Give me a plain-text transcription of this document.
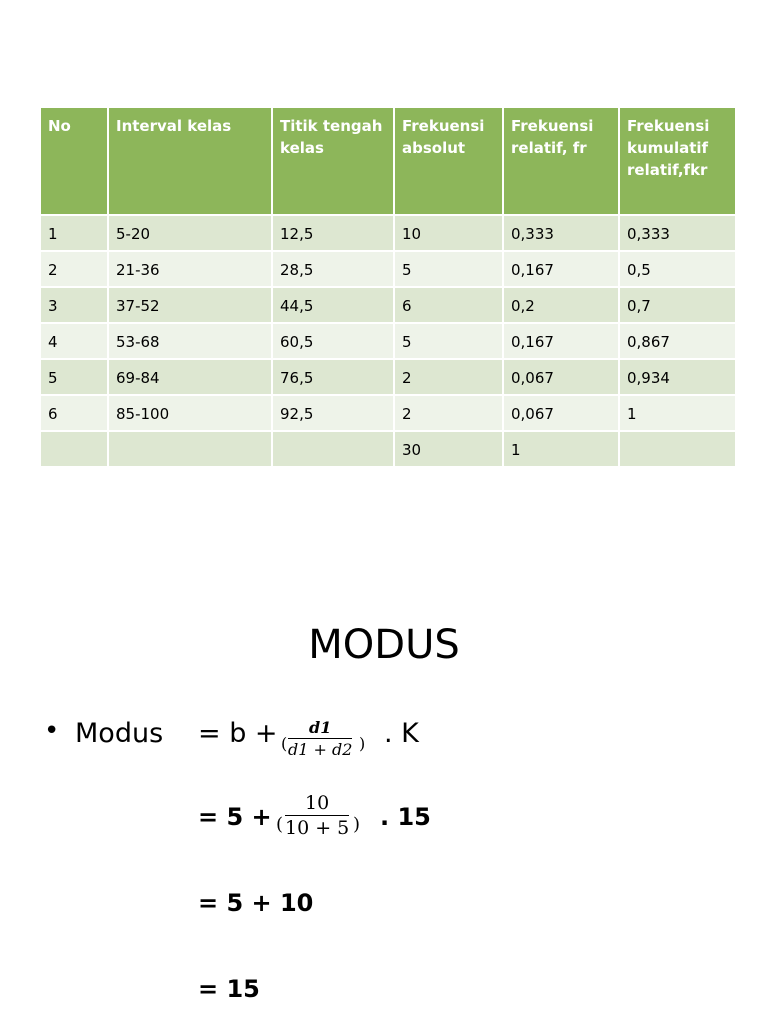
No	Interval kelas	Titik tengah kelas	Frekuensi absolut	Frekuensi relatif, fr	Frekuensi kumulatif relatif,fkr

1	5-20	12,5	10	0,333	0,333

2	21-36	28,5	5	0,167	0,5

3	37-52	44,5	6	0,2	0,7

4	53-68	60,5	5	0,167	0,867

5	69-84	76,5	2	0,067	0,934

6	85-100	92,5	2	0,067	1

			30	1	

MODUS
• Modus = b + (
d1
d1 + d2 ) . K
= 5 + (
10
10 + 5 ) . 15
= 5 + 10
= 15
